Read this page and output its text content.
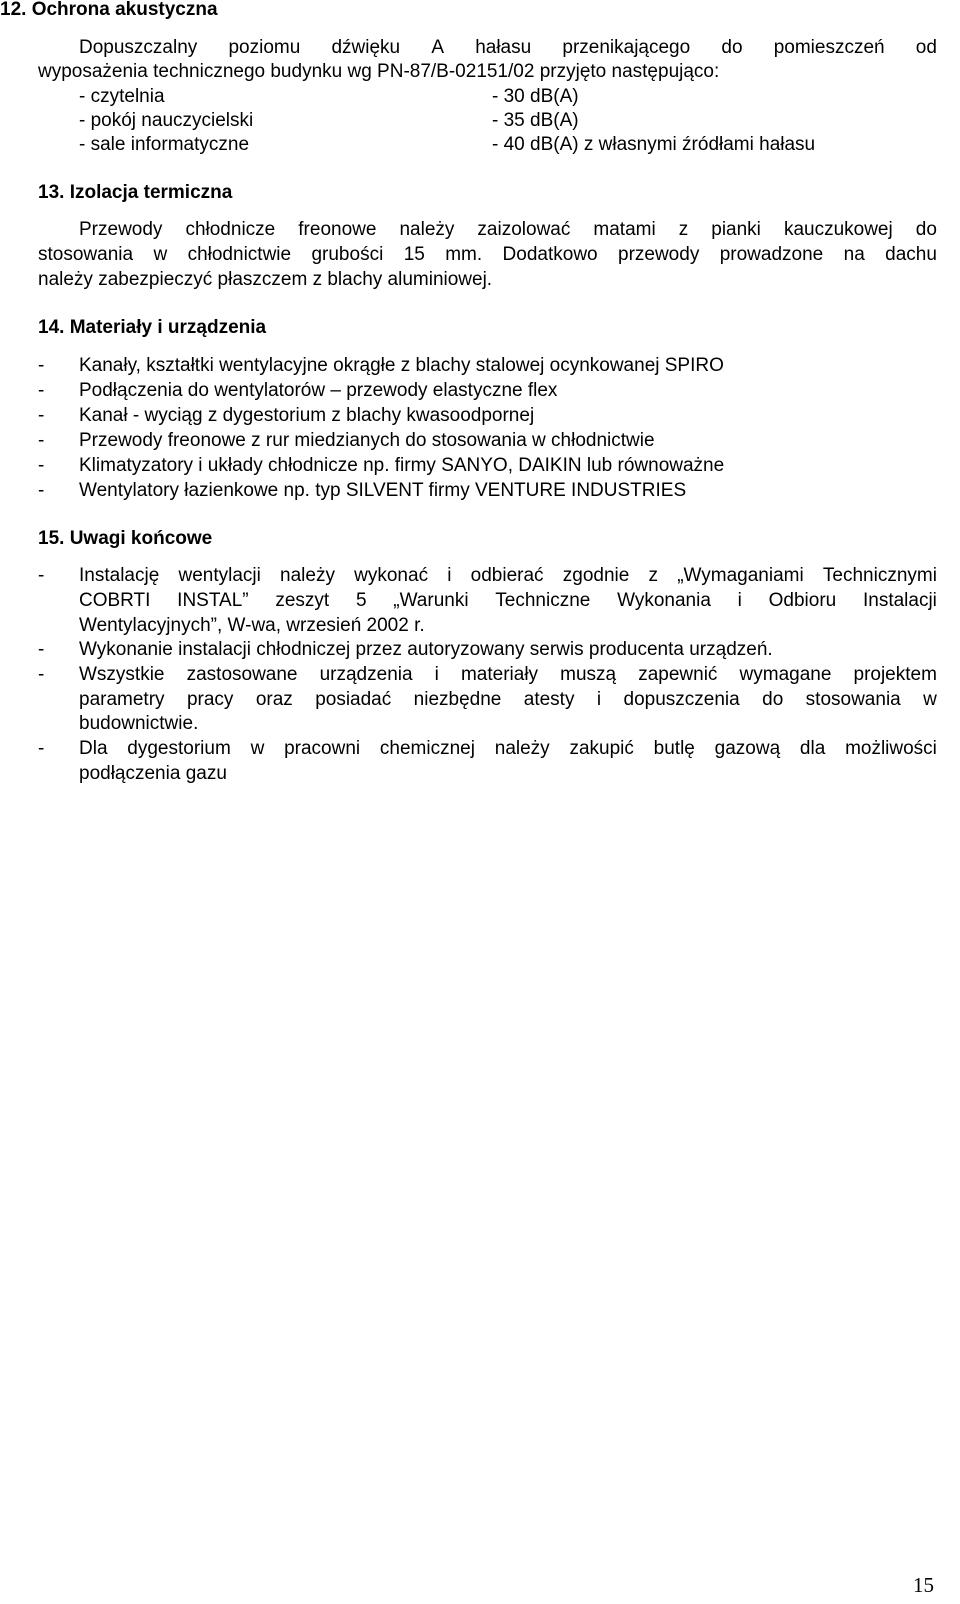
12. Ochrona akustyczna
Dopuszczalny poziomu dźwięku A hałasu przenikającego do pomieszczeń od
wyposażenia technicznego budynku wg PN-87/B-02151/02 przyjęto następująco:
- czytelnia	- 30 dB(A)
- pokój nauczycielski	- 35 dB(A)
- sale informatyczne	- 40 dB(A) z własnymi źródłami hałasu
13. Izolacja termiczna
Przewody chłodnicze freonowe należy zaizolować matami z pianki kauczukowej do
stosowania w chłodnictwie grubości 15 mm. Dodatkowo przewody prowadzone na dachu
należy zabezpieczyć płaszczem z blachy aluminiowej.
14. Materiały i urządzenia
- Kanały, kształtki wentylacyjne okrągłe z blachy stalowej ocynkowanej SPIRO
- Podłączenia do wentylatorów – przewody elastyczne flex
- Kanał - wyciąg z dygestorium z blachy kwasoodpornej
- Przewody freonowe z rur miedzianych do stosowania w chłodnictwie
- Klimatyzatory i układy chłodnicze np. firmy SANYO, DAIKIN lub równoważne
- Wentylatory łazienkowe np. typ SILVENT firmy VENTURE INDUSTRIES
15. Uwagi końcowe
- Instalację wentylacji należy wykonać i odbierać zgodnie z „Wymaganiami Technicznymi
COBRTI INSTAL” zeszyt 5 „Warunki Techniczne Wykonania i Odbioru Instalacji
Wentylacyjnych”, W-wa, wrzesień 2002 r.
- Wykonanie instalacji chłodniczej przez autoryzowany serwis producenta urządzeń.
- Wszystkie zastosowane urządzenia i materiały muszą zapewnić wymagane projektem
parametry pracy oraz posiadać niezbędne atesty i dopuszczenia do stosowania w
budownictwie.
- Dla dygestorium w pracowni chemicznej należy zakupić butlę gazową dla możliwości
podłączenia gazu
15
